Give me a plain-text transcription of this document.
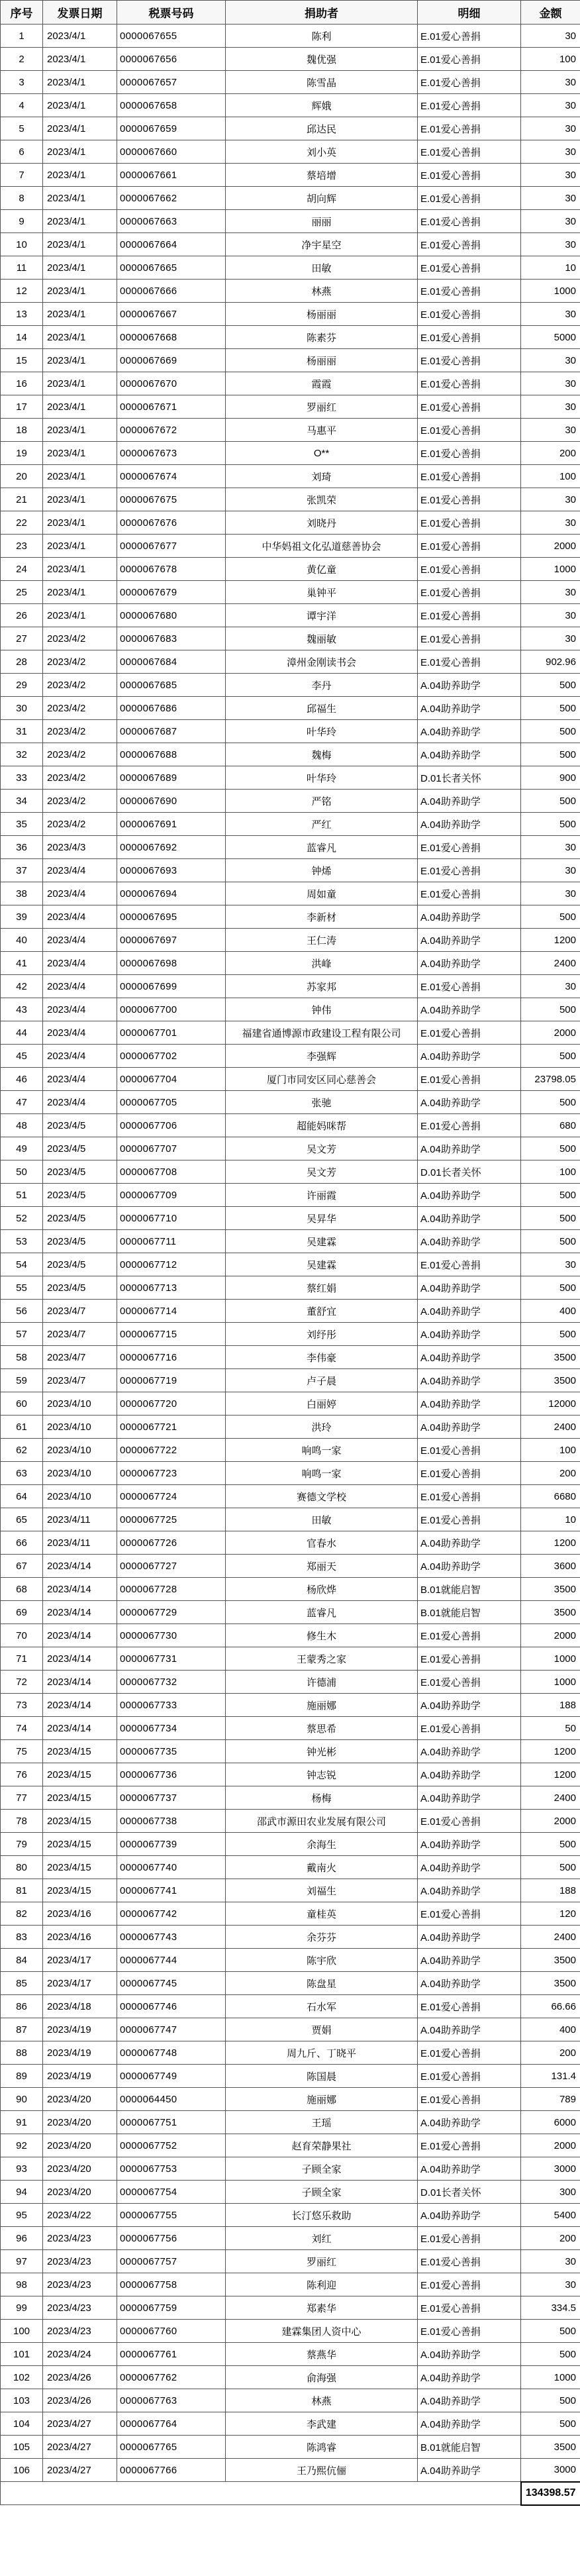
序号	发票日期	税票号码	捐助者	明细	金额
1	2023/4/1	0000067655	陈利	E.01爱心善捐	30
2	2023/4/1	0000067656	魏优强	E.01爱心善捐	100
3	2023/4/1	0000067657	陈雪晶	E.01爱心善捐	30
4	2023/4/1	0000067658	辉娥	E.01爱心善捐	30
5	2023/4/1	0000067659	邱达民	E.01爱心善捐	30
6	2023/4/1	0000067660	刘小英	E.01爱心善捐	30
7	2023/4/1	0000067661	蔡培增	E.01爱心善捐	30
8	2023/4/1	0000067662	胡向辉	E.01爱心善捐	30
9	2023/4/1	0000067663	丽丽	E.01爱心善捐	30
10	2023/4/1	0000067664	净宇星空	E.01爱心善捐	30
11	2023/4/1	0000067665	田敏	E.01爱心善捐	10
12	2023/4/1	0000067666	林燕	E.01爱心善捐	1000
13	2023/4/1	0000067667	杨丽丽	E.01爱心善捐	30
14	2023/4/1	0000067668	陈素芬	E.01爱心善捐	5000
15	2023/4/1	0000067669	杨丽丽	E.01爱心善捐	30
16	2023/4/1	0000067670	霞霞	E.01爱心善捐	30
17	2023/4/1	0000067671	罗丽红	E.01爱心善捐	30
18	2023/4/1	0000067672	马惠平	E.01爱心善捐	30
19	2023/4/1	0000067673	O**	E.01爱心善捐	200
20	2023/4/1	0000067674	刘琦	E.01爱心善捐	100
21	2023/4/1	0000067675	张凯荣	E.01爱心善捐	30
22	2023/4/1	0000067676	刘晓丹	E.01爱心善捐	30
23	2023/4/1	0000067677	中华妈祖文化弘道慈善协会	E.01爱心善捐	2000
24	2023/4/1	0000067678	黄亿童	E.01爱心善捐	1000
25	2023/4/1	0000067679	巢钟平	E.01爱心善捐	30
26	2023/4/1	0000067680	谭宇洋	E.01爱心善捐	30
27	2023/4/2	0000067683	魏丽敏	E.01爱心善捐	30
28	2023/4/2	0000067684	漳州金刚读书会	E.01爱心善捐	902.96
29	2023/4/2	0000067685	李丹	A.04助养助学	500
30	2023/4/2	0000067686	邱福生	A.04助养助学	500
31	2023/4/2	0000067687	叶华玲	A.04助养助学	500
32	2023/4/2	0000067688	魏梅	A.04助养助学	500
33	2023/4/2	0000067689	叶华玲	D.01长者关怀	900
34	2023/4/2	0000067690	严铭	A.04助养助学	500
35	2023/4/2	0000067691	严红	A.04助养助学	500
36	2023/4/3	0000067692	蓝睿凡	E.01爱心善捐	30
37	2023/4/4	0000067693	钟烯	E.01爱心善捐	30
38	2023/4/4	0000067694	周如童	E.01爱心善捐	30
39	2023/4/4	0000067695	李新材	A.04助养助学	500
40	2023/4/4	0000067697	王仁涛	A.04助养助学	1200
41	2023/4/4	0000067698	洪峰	A.04助养助学	2400
42	2023/4/4	0000067699	苏家邦	E.01爱心善捐	30
43	2023/4/4	0000067700	钟伟	A.04助养助学	500
44	2023/4/4	0000067701	福建省通博源市政建设工程有限公司	E.01爱心善捐	2000
45	2023/4/4	0000067702	李强辉	A.04助养助学	500
46	2023/4/4	0000067704	厦门市同安区同心慈善会	E.01爱心善捐	23798.05
47	2023/4/4	0000067705	张驰	A.04助养助学	500
48	2023/4/5	0000067706	超能妈咪帮	E.01爱心善捐	680
49	2023/4/5	0000067707	吴文芳	A.04助养助学	500
50	2023/4/5	0000067708	吴文芳	D.01长者关怀	100
51	2023/4/5	0000067709	许丽霞	A.04助养助学	500
52	2023/4/5	0000067710	吴昇华	A.04助养助学	500
53	2023/4/5	0000067711	吴建霖	A.04助养助学	500
54	2023/4/5	0000067712	吴建霖	E.01爱心善捐	30
55	2023/4/5	0000067713	蔡红娟	A.04助养助学	500
56	2023/4/7	0000067714	董舒宜	A.04助养助学	400
57	2023/4/7	0000067715	刘纾彤	A.04助养助学	500
58	2023/4/7	0000067716	李伟豪	A.04助养助学	3500
59	2023/4/7	0000067719	卢子晨	A.04助养助学	3500
60	2023/4/10	0000067720	白丽婷	A.04助养助学	12000
61	2023/4/10	0000067721	洪玲	A.04助养助学	2400
62	2023/4/10	0000067722	响鸣一家	E.01爱心善捐	100
63	2023/4/10	0000067723	响鸣一家	E.01爱心善捐	200
64	2023/4/10	0000067724	赛德文学校	E.01爱心善捐	6680
65	2023/4/11	0000067725	田敏	E.01爱心善捐	10
66	2023/4/11	0000067726	官春水	A.04助养助学	1200
67	2023/4/14	0000067727	郑丽天	A.04助养助学	3600
68	2023/4/14	0000067728	杨欣烨	B.01就能启智	3500
69	2023/4/14	0000067729	蓝睿凡	B.01就能启智	3500
70	2023/4/14	0000067730	修生木	E.01爱心善捐	2000
71	2023/4/14	0000067731	王蒙秀之家	E.01爱心善捐	1000
72	2023/4/14	0000067732	许德浦	E.01爱心善捐	1000
73	2023/4/14	0000067733	施丽娜	A.04助养助学	188
74	2023/4/14	0000067734	蔡思希	E.01爱心善捐	50
75	2023/4/15	0000067735	钟光彬	A.04助养助学	1200
76	2023/4/15	0000067736	钟志锐	A.04助养助学	1200
77	2023/4/15	0000067737	杨梅	A.04助养助学	2400
78	2023/4/15	0000067738	邵武市源田农业发展有限公司	E.01爱心善捐	2000
79	2023/4/15	0000067739	余海生	A.04助养助学	500
80	2023/4/15	0000067740	戴南火	A.04助养助学	500
81	2023/4/15	0000067741	刘福生	A.04助养助学	188
82	2023/4/16	0000067742	童桂英	E.01爱心善捐	120
83	2023/4/16	0000067743	余芬芬	A.04助养助学	2400
84	2023/4/17	0000067744	陈宇欣	A.04助养助学	3500
85	2023/4/17	0000067745	陈盘星	A.04助养助学	3500
86	2023/4/18	0000067746	石水军	E.01爱心善捐	66.66
87	2023/4/19	0000067747	贾娟	A.04助养助学	400
88	2023/4/19	0000067748	周九斤、丁晓平	E.01爱心善捐	200
89	2023/4/19	0000067749	陈国晨	E.01爱心善捐	131.4
90	2023/4/20	0000064450	施丽娜	E.01爱心善捐	789
91	2023/4/20	0000067751	王瑶	A.04助养助学	6000
92	2023/4/20	0000067752	赵育荣静果社	E.01爱心善捐	2000
93	2023/4/20	0000067753	子顾全家	A.04助养助学	3000
94	2023/4/20	0000067754	子顾全家	D.01长者关怀	300
95	2023/4/22	0000067755	长汀悠乐救助	A.04助养助学	5400
96	2023/4/23	0000067756	刘红	E.01爱心善捐	200
97	2023/4/23	0000067757	罗丽红	E.01爱心善捐	30
98	2023/4/23	0000067758	陈利迎	E.01爱心善捐	30
99	2023/4/23	0000067759	郑素华	E.01爱心善捐	334.5
100	2023/4/23	0000067760	建霖集团人资中心	E.01爱心善捐	500
101	2023/4/24	0000067761	蔡燕华	A.04助养助学	500
102	2023/4/26	0000067762	俞海强	A.04助养助学	1000
103	2023/4/26	0000067763	林燕	A.04助养助学	500
104	2023/4/27	0000067764	李武建	A.04助养助学	500
105	2023/4/27	0000067765	陈鸿睿	B.01就能启智	3500
106	2023/4/27	0000067766	王乃熙伉俪	A.04助养助学	3000
					134398.57
